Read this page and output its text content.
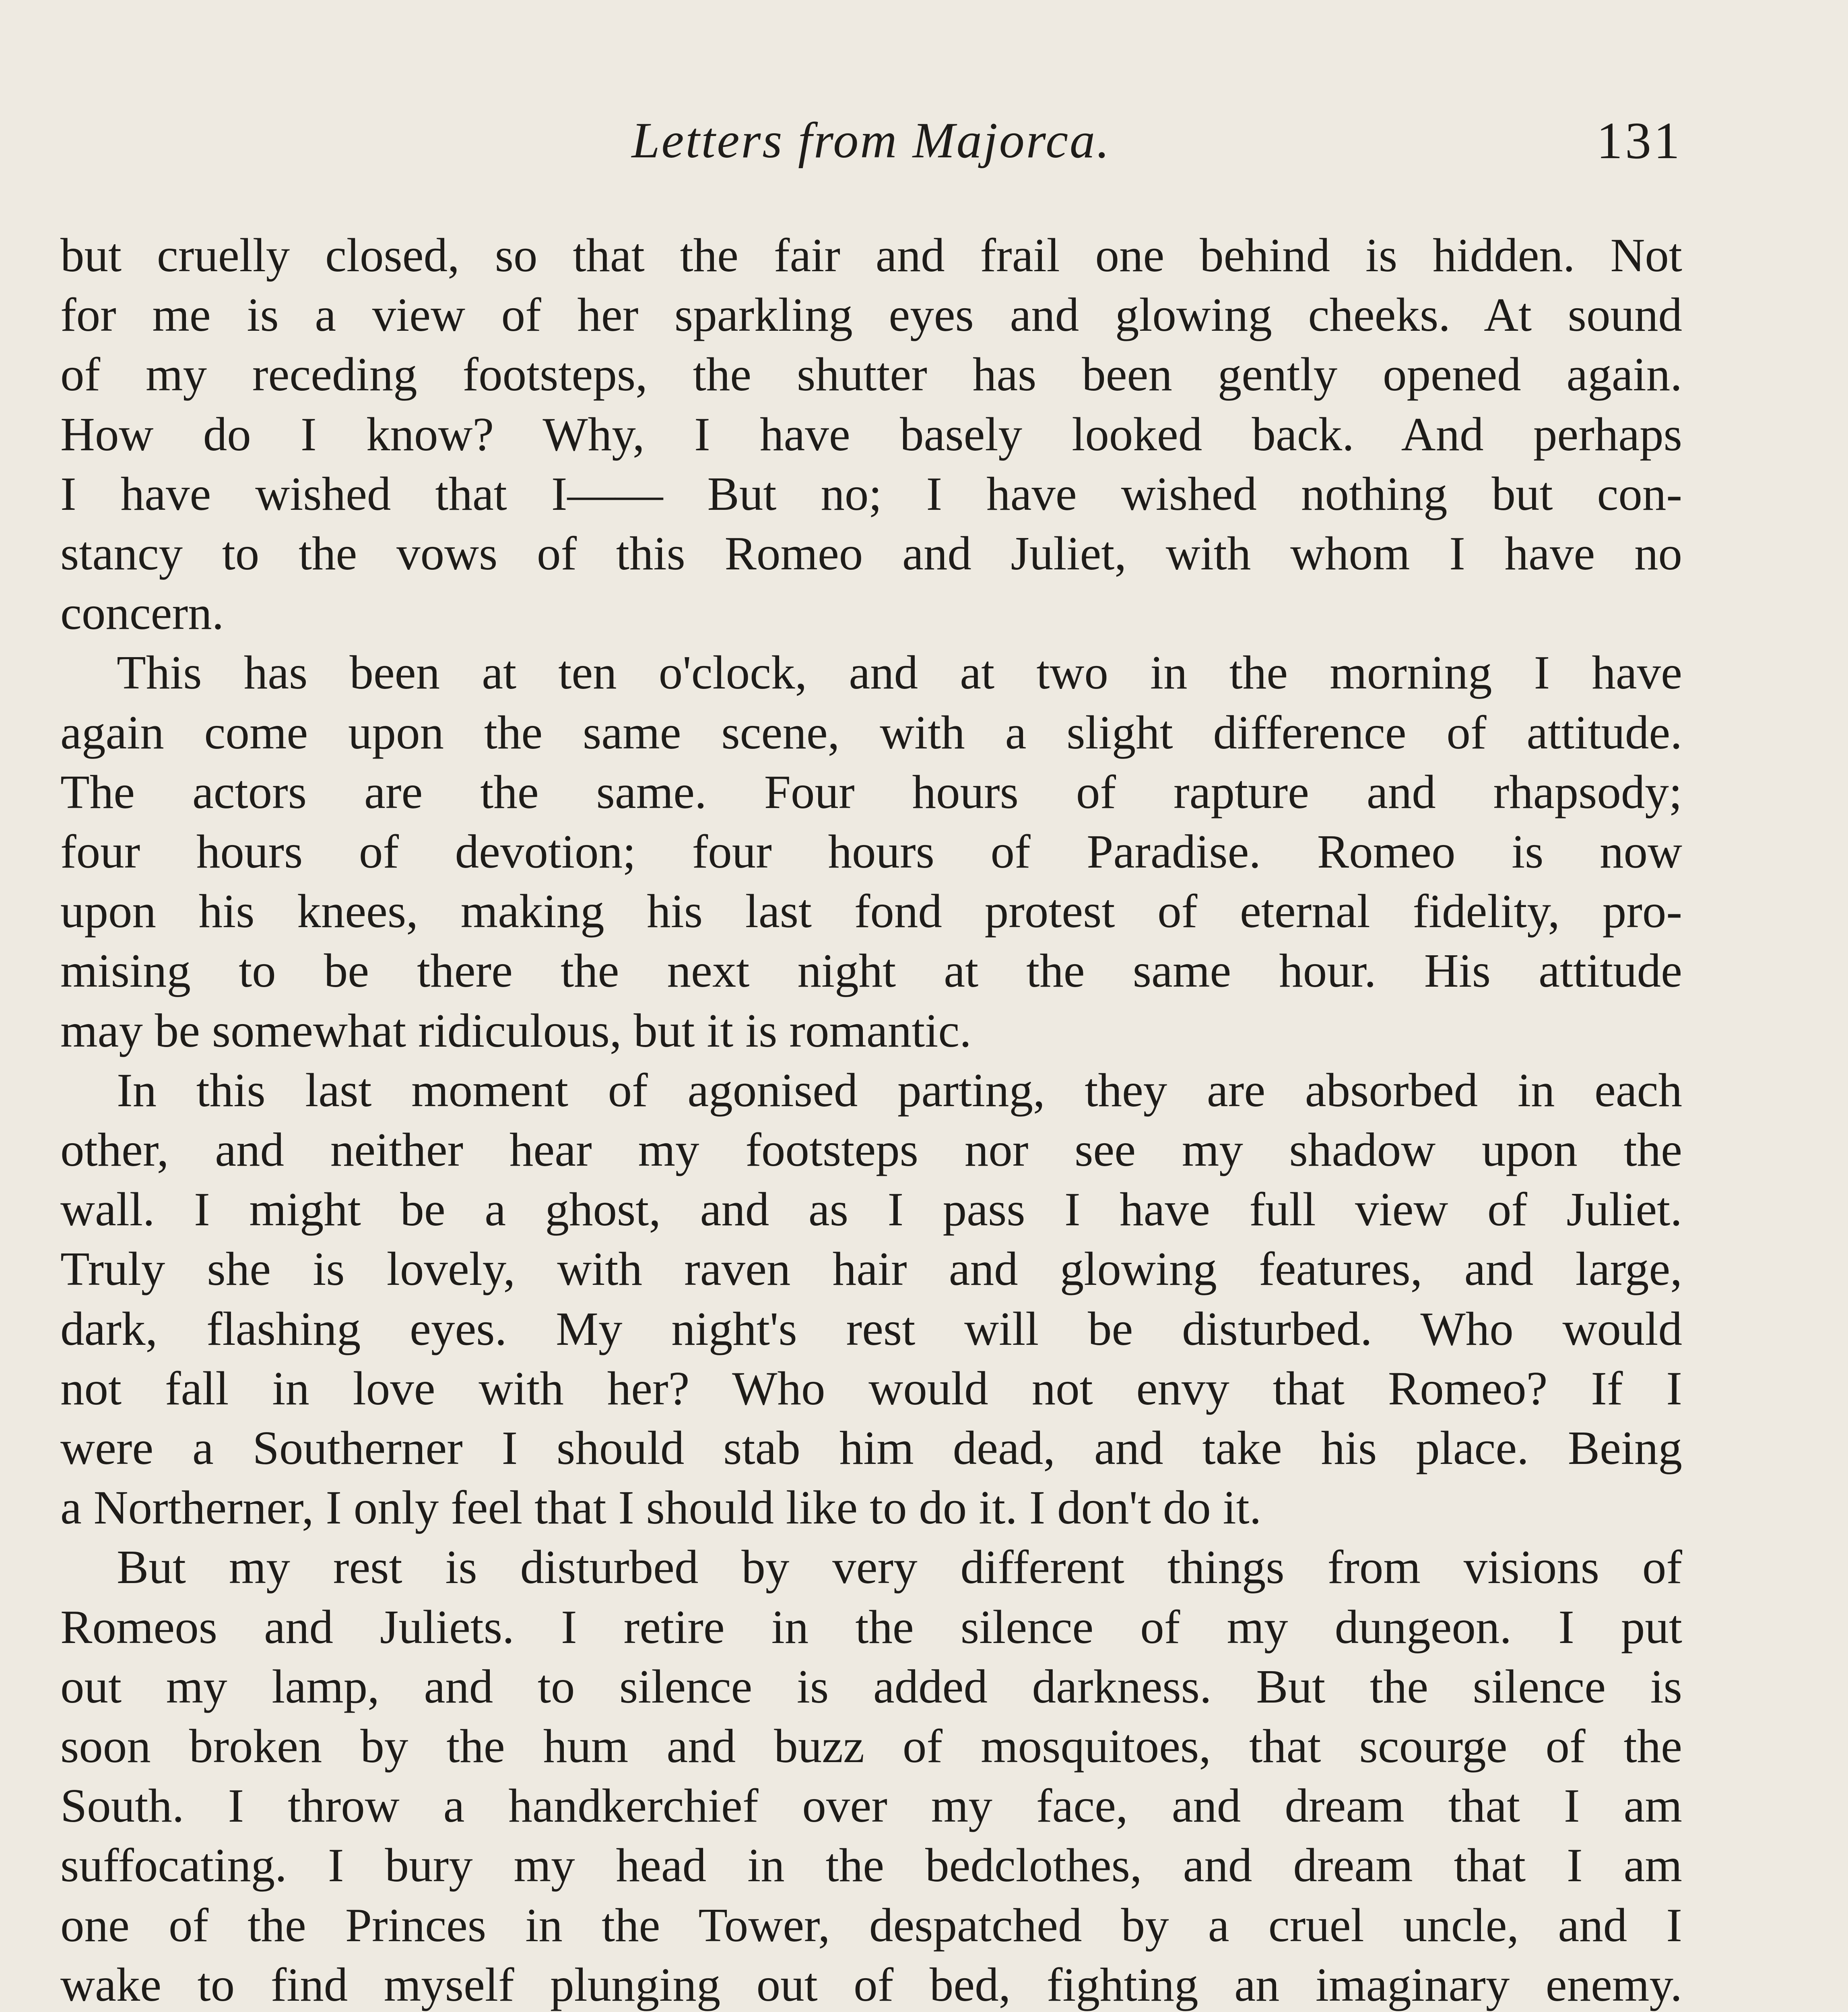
Letters from Majorca.	131
but cruelly closed, so that the fair and frail one behind is hidden. Not
for me is a view of her sparkling eyes and glowing cheeks. At sound
of my receding footsteps, the shutter has been gently opened again.
How do I know? Why, I have basely looked back. And perhaps
I have wished that I—— But no; I have wished nothing but con-
stancy to the vows of this Romeo and Juliet, with whom I have no
concern.
This has been at ten o'clock, and at two in the morning I have
again come upon the same scene, with a slight difference of attitude.
The actors are the same. Four hours of rapture and rhapsody;
four hours of devotion; four hours of Paradise. Romeo is now
upon his knees, making his last fond protest of eternal fidelity, pro-
mising to be there the next night at the same hour. His attitude
may be somewhat ridiculous, but it is romantic.
In this last moment of agonised parting, they are absorbed in each
other, and neither hear my footsteps nor see my shadow upon the
wall. I might be a ghost, and as I pass I have full view of Juliet.
Truly she is lovely, with raven hair and glowing features, and large,
dark, flashing eyes. My night's rest will be disturbed. Who would
not fall in love with her? Who would not envy that Romeo? If I
were a Southerner I should stab him dead, and take his place. Being
a Northerner, I only feel that I should like to do it. I don't do it.
But my rest is disturbed by very different things from visions of
Romeos and Juliets. I retire in the silence of my dungeon. I put
out my lamp, and to silence is added darkness. But the silence is
soon broken by the hum and buzz of mosquitoes, that scourge of the
South. I throw a handkerchief over my face, and dream that I am
suffocating. I bury my head in the bedclothes, and dream that I am
one of the Princes in the Tower, despatched by a cruel uncle, and I
wake to find myself plunging out of bed, fighting an imaginary enemy.
